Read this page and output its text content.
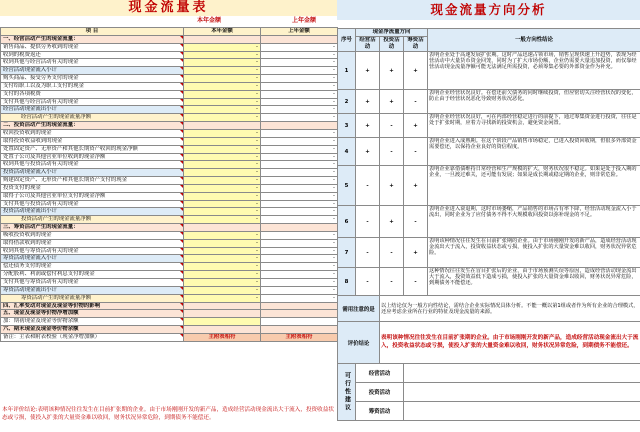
现金流量表
本年金额	上年金额
项 目	本年金额	上年金额
一、经营活动产生的现金流量：

销售商品、提供劳务收到的现金	-	-
收到的税费返还	-	-
收到其他与经营活动有关的现金	-	-
经营活动现金流入小计	-	-
购买商品、接受劳务支付的现金	-	-
支付给职工以及为职工支付的现金	-	-
支付的各项税费	-	-
支付其他与经营活动有关的现金	-	-
经营活动现金流出小计	-	-
经营活动产生的现金流量净额	-	-
二、投资活动产生的现金流量：

收回投资收到的现金	-	-
取得投资收益收到的现金	-	-
处置固定资产、无形资产和其他长期资产收回的现金净额	-	-
处置子公司及其他营业单位收到的现金净额	-	-
收到其他与投资活动有关的现金	-	-
投资活动现金流入小计	-	-
购建固定资产、无形资产和其他长期资产支付的现金	-	-
投资支付的现金	-	-
取得子公司及其他营业单位支付的现金净额	-	-
支付其他与投资活动有关的现金	-	-
投资活动现金流出小计	-	-
投资活动产生的现金流量净额	-	-
三、筹资活动产生的现金流量：

吸收投资收到的现金	-	-
取得借款收到的现金	-	-
收到其他与筹资活动有关的现金	-	-
筹资活动现金流入小计	-	-
偿还债务支付的现金	-	-
分配股利、利润或偿付利息支付的现金	-	-
支付其他与筹资活动有关的现金	-	-
筹资活动现金流出小计	-	-
筹资活动产生的现金流量净额	-	-
四、汇率变动对现金及现金等价物的影响

五、现金及现金等价物净增加额

加：期初现金及现金等价物余额

六、期末现金及现金等价物余额

备注：主表和附表校验（现金净增加额）	主附表相符	主附表相符
本年评价结论:表明该种情况往往发生在目前扩张期的企业。由于市场刚刚开发的新产品，造成经营活动现金流出大于流入，投资收益状态或亏损，使投入扩张的大量资金难以收回，财务状况异常危险，到期债务不能偿还。
现金流量方向分析
序号	现金净流量方向			一般方向性结论
	经营活动	投资活动	筹资活动	
1	+	+	+	表明企业处于高速发展扩张期。这时产品迅速占领市场，销售呈现快速上升趋势，表现为经营活动中大量货币资金回笼，同时为了扩大市场份额，企业仍需要大量追加投资，而仅靠经营活动现金流量净额可能无法满足所需投资，必须筹集必要的外部资金作为补充。
2	+	+	-	表明企业经营状况良好。在偿还前欠债务的同时继续投资，但应密切关注经营状况的变化，防止由于经营状况恶化导致财务状况恶化。
3	+	-	+	表明企业经营状况良好，可在内部经营稳定进行的前提下，通过筹集资金进行投资，往往是处于扩张时期，应着力寻找新的投资机会，避免资金闲置。
4	+	-	-	表明企业进入成熟期。在这个阶段产品销售市场稳定，已进入投资回收期，但很多外部资金需要偿还，以保持企业良好的资信程度。
5	-	+	+	表明企业靠借债维持日常经营和生产规模的扩大，财务状况很不稳定。如果是处于投入期的企业，一旦渡过难关，还可能有发展；如果是成长期或稳定期的企业，则非常危险。
6	-	+	-	表明企业进入衰退期，这时市场萎缩，产品销售的市场占有率下降，经营活动现金流入小于流出，同时企业为了应付债务不得不大规模收回投资以弥补现金的不足。
7	-	-	+	表明该种情况往往发生在目前扩张期的企业。由于市场刚刚开发的新产品，造成经营活动现金流出大于流入，投资收益状态或亏损，使投入扩张的大量资金难以收回，财务状况异常危险。
8	-	-	-	这种情况往往发生在盲目扩张后的企业，由于市场预测失误等原因，造成经营活动现金流出大于流入，投资效益低下造成亏损，使投入扩张的大量资金难以收回，财务状况异常危险，到期债务不能偿还。
需用注意的是		以上结论仅为一般方向性结论，需结合企业实际情况具体分析。不能一概以第1组或者作为所有企业的合理模式，还应考虑企业所在行业的特征及现金流量的来源。		
评价结论		表明该种情况往往发生在目前扩张期的企业。由于市场刚刚开发的新产品，造成经营活动现金流出大于流入，投资收益状态或亏损，使投入扩张的大量资金难以收回，财务状况异常危险，到期债务不能偿还。		
可行性建议	经营活动			
	投资活动			
	筹资活动			
